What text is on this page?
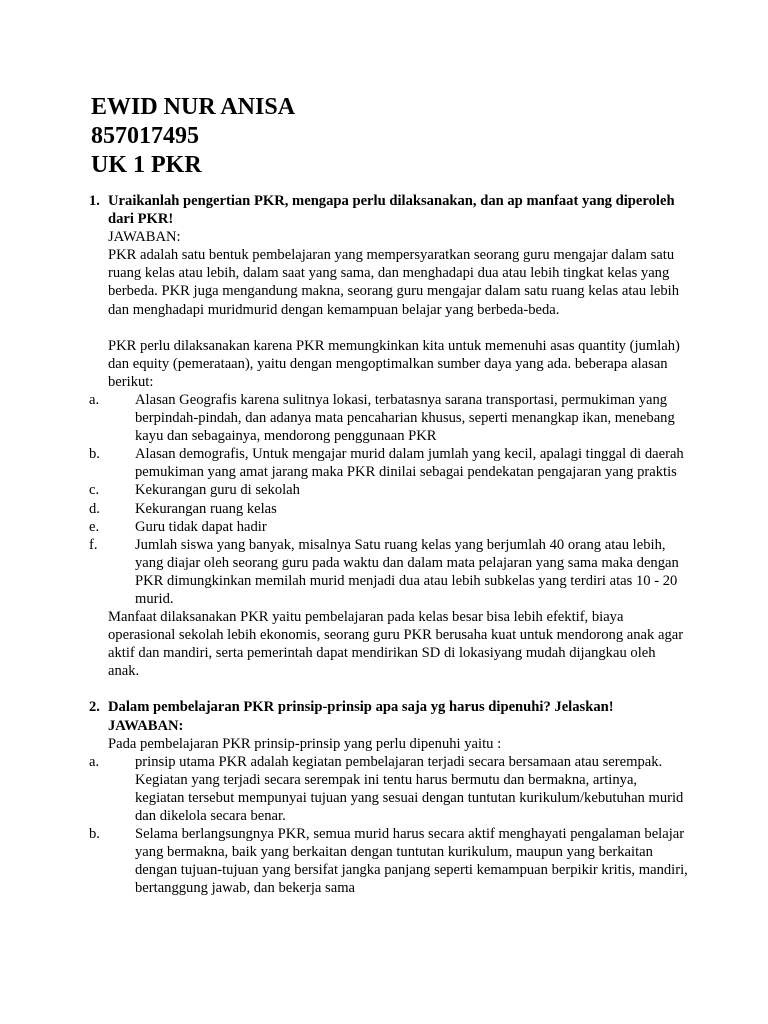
EWID NUR ANISA
857017495
UK 1 PKR
1. Uraikanlah pengertian PKR, mengapa perlu dilaksanakan, dan ap manfaat yang diperoleh dari PKR!
JAWABAN:
PKR adalah satu bentuk pembelajaran yang mempersyaratkan seorang guru mengajar dalam satu ruang kelas atau lebih, dalam saat yang sama, dan menghadapi dua atau lebih tingkat kelas yang berbeda. PKR juga mengandung makna, seorang guru mengajar dalam satu ruang kelas atau lebih dan menghadapi muridmurid dengan kemampuan belajar yang berbeda-beda.
PKR perlu dilaksanakan karena PKR memungkinkan kita untuk memenuhi asas quantity (jumlah) dan equity (pemerataan), yaitu dengan mengoptimalkan sumber daya yang ada. beberapa alasan berikut:
a. Alasan Geografis karena sulitnya lokasi, terbatasnya sarana transportasi, permukiman yang berpindah-pindah, dan adanya mata pencaharian khusus, seperti menangkap ikan, menebang kayu dan sebagainya, mendorong penggunaan PKR
b. Alasan demografis, Untuk mengajar murid dalam jumlah yang kecil, apalagi tinggal di daerah pemukiman yang amat jarang maka PKR dinilai sebagai pendekatan pengajaran yang praktis
c. Kekurangan guru di sekolah
d. Kekurangan ruang kelas
e. Guru tidak dapat hadir
f.	Jumlah siswa yang banyak, misalnya Satu ruang kelas yang berjumlah 40 orang atau lebih, yang diajar oleh seorang guru pada waktu dan dalam mata pelajaran yang sama maka dengan PKR dimungkinkan memilah murid menjadi dua atau lebih subkelas yang terdiri atas 10 - 20 murid.
Manfaat dilaksanakan PKR yaitu pembelajaran pada kelas besar bisa lebih efektif, biaya operasional sekolah lebih ekonomis, seorang guru PKR berusaha kuat untuk mendorong anak agar aktif dan mandiri, serta pemerintah dapat mendirikan SD di lokasiyang mudah dijangkau oleh anak.
2. Dalam pembelajaran PKR prinsip-prinsip apa saja yg harus dipenuhi? Jelaskan!
JAWABAN:
Pada pembelajaran PKR prinsip-prinsip yang perlu dipenuhi yaitu :
a. prinsip utama PKR adalah kegiatan pembelajaran terjadi secara bersamaan atau serempak. Kegiatan yang terjadi secara serempak ini tentu harus bermutu dan bermakna, artinya, kegiatan tersebut mempunyai tujuan yang sesuai dengan tuntutan kurikulum/kebutuhan murid dan dikelola secara benar.
b. Selama berlangsungnya PKR, semua murid harus secara aktif menghayati pengalaman belajar yang bermakna, baik yang berkaitan dengan tuntutan kurikulum, maupun yang berkaitan dengan tujuan-tujuan yang bersifat jangka panjang seperti kemampuan berpikir kritis, mandiri, bertanggung jawab, dan bekerja sama
